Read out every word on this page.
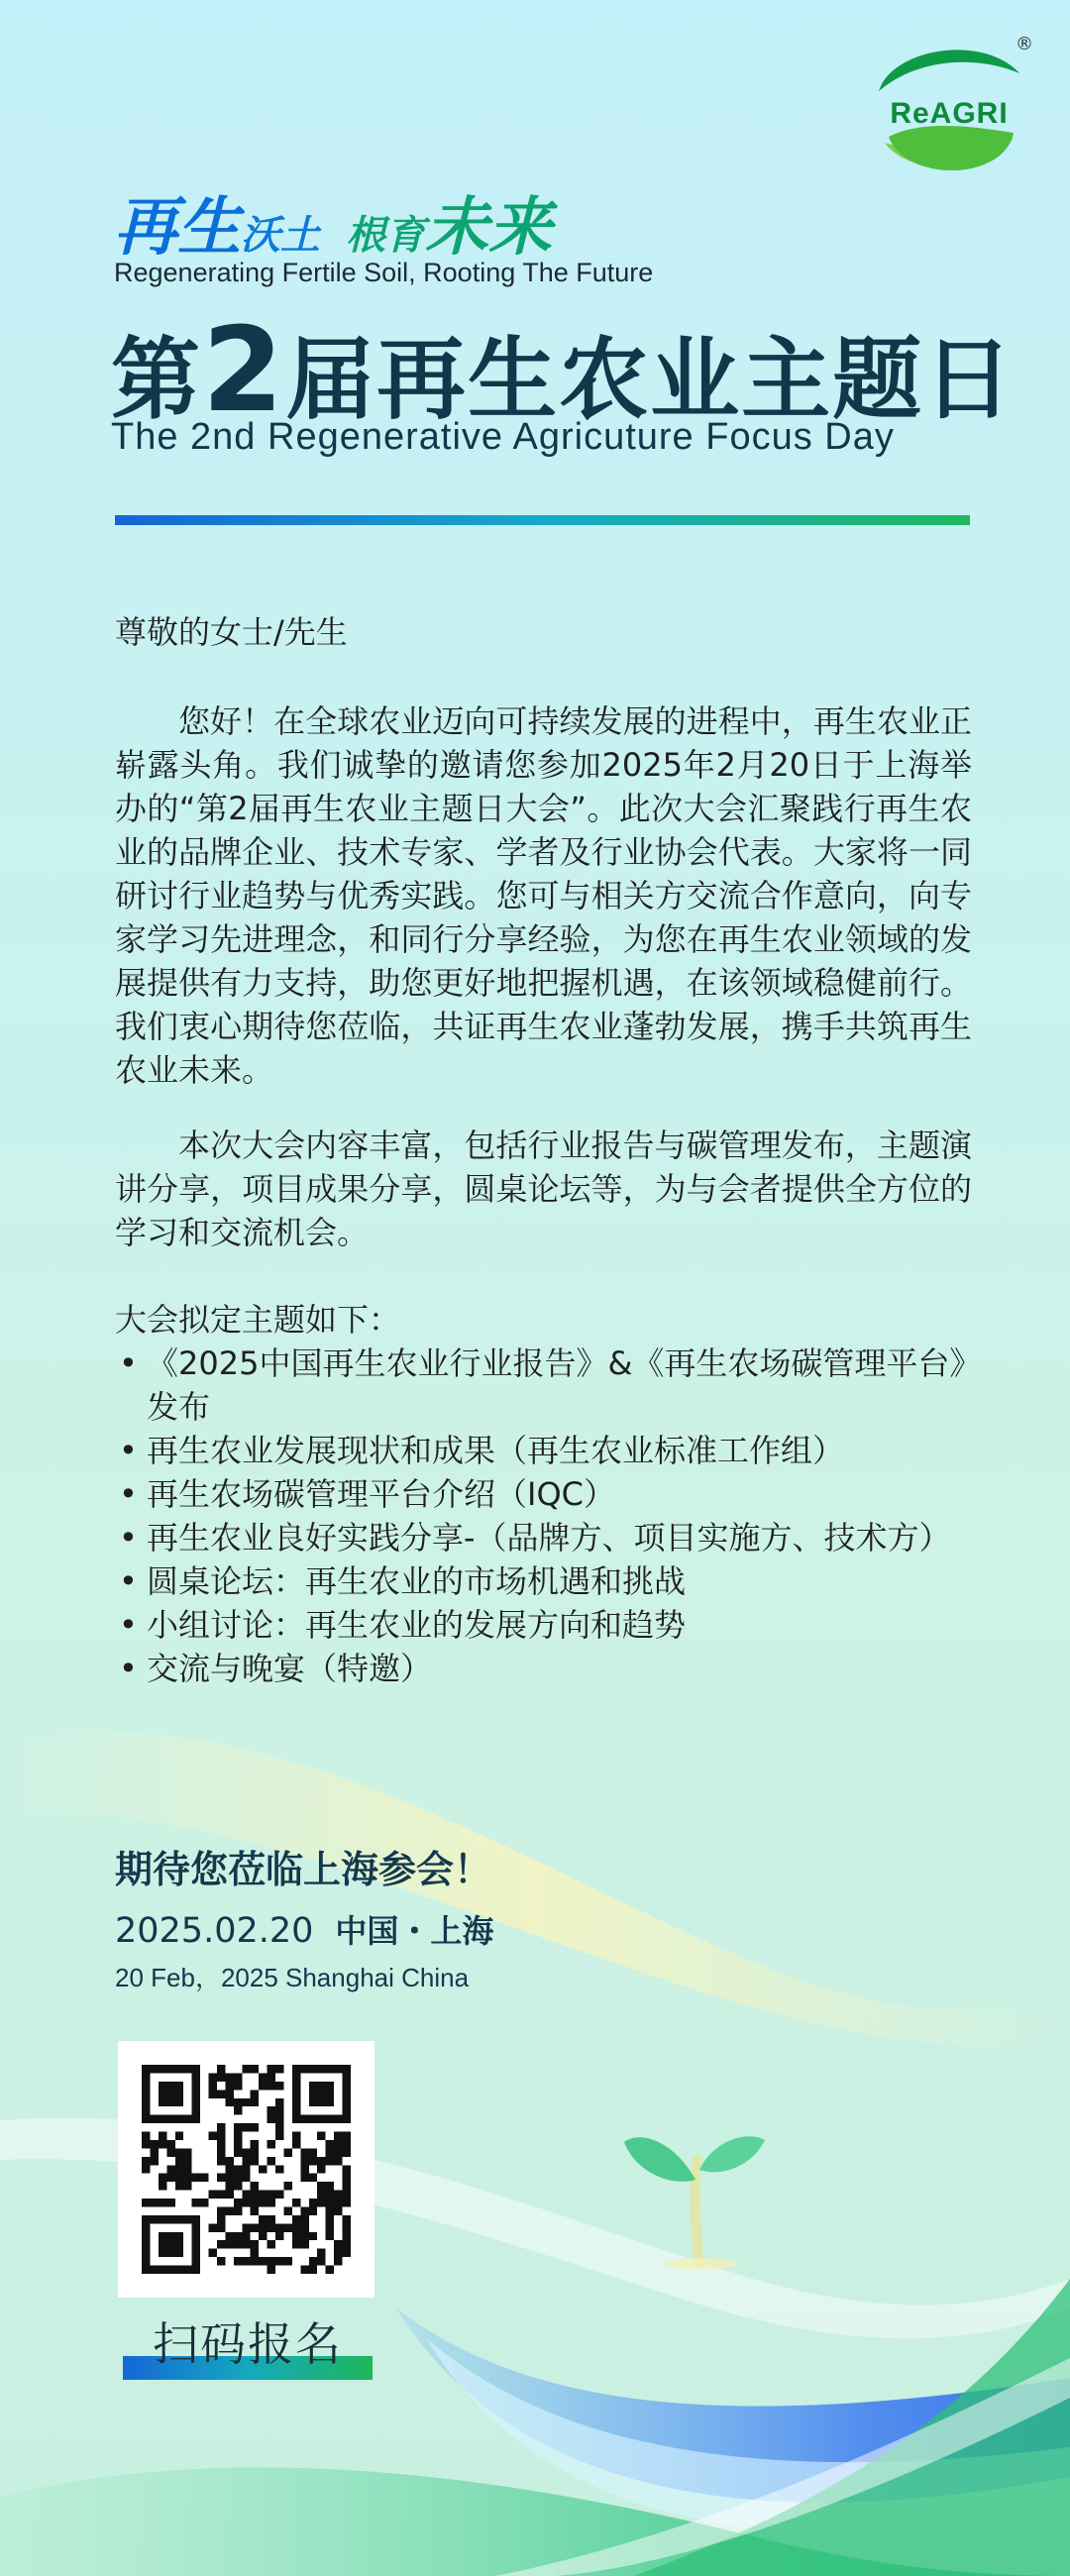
ReAGRI
®
再生沃土 根育未来
Regenerating Fertile Soil, Rooting The Future
第2届再生农业主题日
The 2nd Regenerative Agricuture Focus Day
尊敬的女士/先生
您好！在全球农业迈向可持续发展的进程中，再生农业正崭露头角。我们诚挚的邀请您参加2025年2月20日于上海举办的“第2届再生农业主题日大会”。此次大会汇聚践行再生农业的品牌企业、技术专家、学者及行业协会代表。大家将一同研讨行业趋势与优秀实践。您可与相关方交流合作意向，向专家学习先进理念，和同行分享经验，为您在再生农业领域的发展提供有力支持，助您更好地把握机遇，在该领域稳健前行。我们衷心期待您莅临，共证再生农业蓬勃发展，携手共筑再生农业未来。
本次大会内容丰富，包括行业报告与碳管理发布，主题演讲分享，项目成果分享，圆桌论坛等，为与会者提供全方位的学习和交流机会。
大会拟定主题如下：
• 《2025中国再生农业行业报告》&《再生农场碳管理平台》发布
• 再生农业发展现状和成果（再生农业标准工作组）
• 再生农场碳管理平台介绍（IQC）
• 再生农业良好实践分享-（品牌方、项目实施方、技术方）
• 圆桌论坛：再生农业的市场机遇和挑战
• 小组讨论：再生农业的发展方向和趋势
• 交流与晚宴（特邀）
期待您莅临上海参会！
2025.02.20 中国・上海
20 Feb，2025 Shanghai China
扫码报名
